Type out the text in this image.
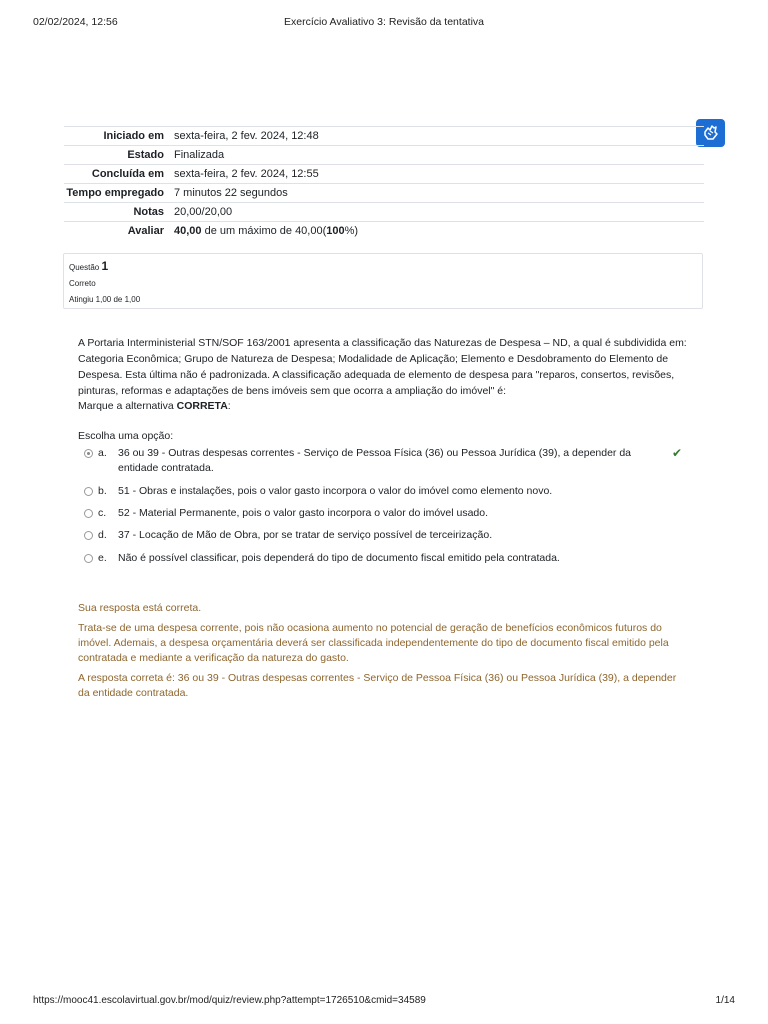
02/02/2024, 12:56	Exercício Avaliativo 3: Revisão da tentativa
Iniciado em	sexta-feira, 2 fev. 2024, 12:48
Estado	Finalizada
Concluída em	sexta-feira, 2 fev. 2024, 12:55
Tempo empregado	7 minutos 22 segundos
Notas	20,00/20,00
Avaliar	40,00 de um máximo de 40,00(100%)
Questão 1
Correto
Atingiu 1,00 de 1,00

A Portaria Interministerial STN/SOF 163/2001 apresenta a classificação das Naturezas de Despesa – ND, a qual é subdividida em: Categoria Econômica; Grupo de Natureza de Despesa; Modalidade de Aplicação; Elemento e Desdobramento do Elemento de Despesa. Esta última não é padronizada. A classificação adequada de elemento de despesa para "reparos, consertos, revisões, pinturas, reformas e adaptações de bens imóveis sem que ocorra a ampliação do imóvel" é:

Marque a alternativa CORRETA:
Escolha uma opção:
a.	36 ou 39 - Outras despesas correntes - Serviço de Pessoa Física (36) ou Pessoa Jurídica (39), a depender da entidade contratada.
✔
b.	51 - Obras e instalações, pois o valor gasto incorpora o valor do imóvel como elemento novo.
c.	52 - Material Permanente, pois o valor gasto incorpora o valor do imóvel usado.
d.	37 - Locação de Mão de Obra, por se tratar de serviço possível de terceirização.
e.	Não é possível classificar, pois dependerá do tipo de documento fiscal emitido pela contratada.

Sua resposta está correta.

Trata-se de uma despesa corrente, pois não ocasiona aumento no potencial de geração de benefícios econômicos futuros do imóvel. Ademais, a despesa orçamentária deverá ser classificada independentemente do tipo de documento fiscal emitido pela contratada e mediante a verificação da natureza do gasto.

A resposta correta é: 36 ou 39 - Outras despesas correntes - Serviço de Pessoa Física (36) ou Pessoa Jurídica (39), a depender da entidade contratada.

https://mooc41.escolavirtual.gov.br/mod/quiz/review.php?attempt=1726510&cmid=34589	1/14
